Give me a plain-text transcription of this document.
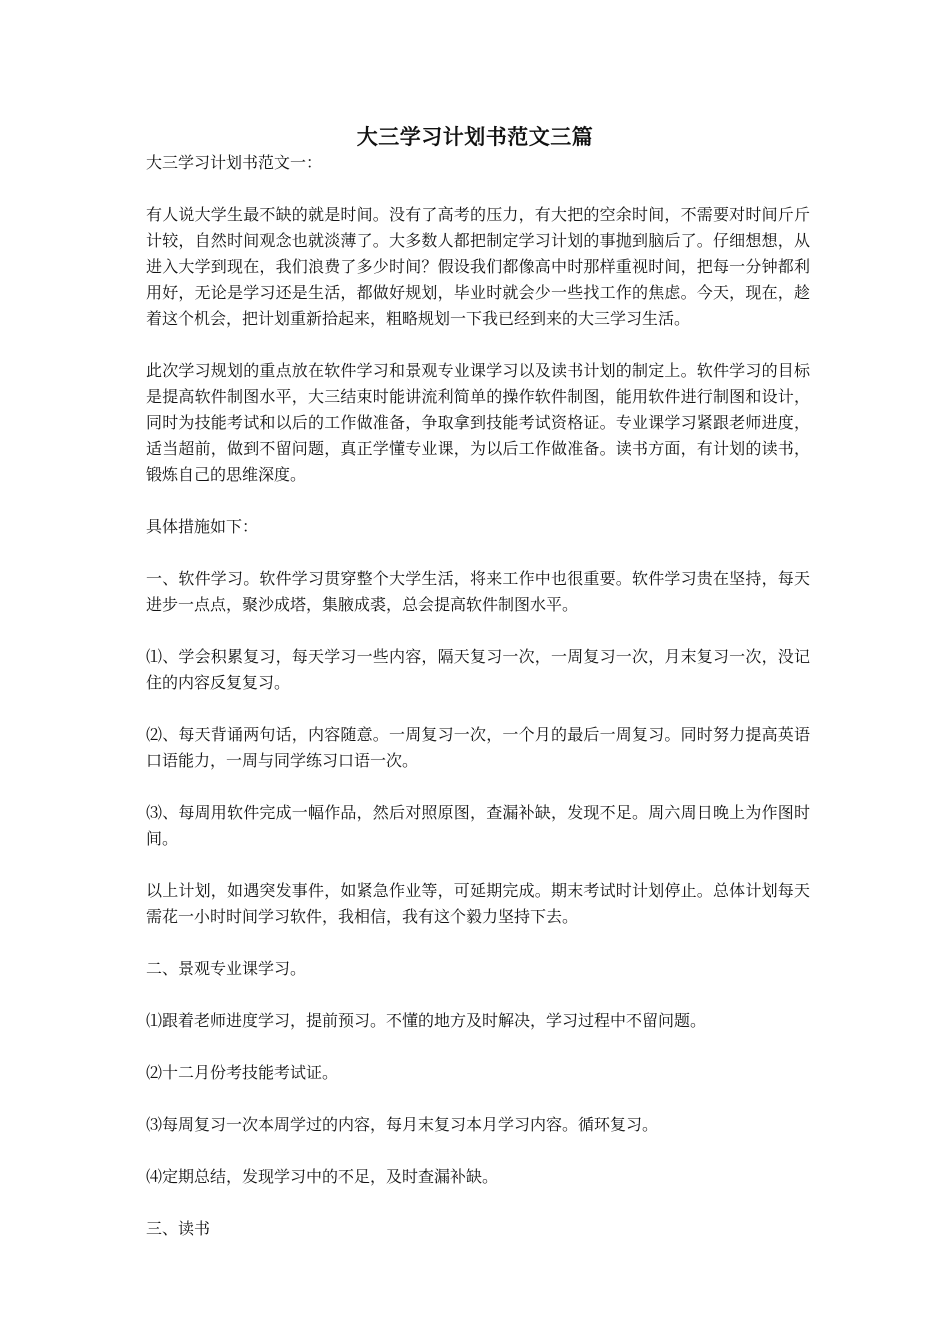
大三学习计划书范文三篇

大三学习计划书范文一：

有人说大学生最不缺的就是时间。没有了高考的压力，有大把的空余时间，不需要对时间斤斤计较，自然时间观念也就淡薄了。大多数人都把制定学习计划的事抛到脑后了。仔细想想，从进入大学到现在，我们浪费了多少时间？假设我们都像高中时那样重视时间，把每一分钟都利用好，无论是学习还是生活，都做好规划，毕业时就会少一些找工作的焦虑。今天，现在，趁着这个机会，把计划重新拾起来，粗略规划一下我已经到来的大三学习生活。

此次学习规划的重点放在软件学习和景观专业课学习以及读书计划的制定上。软件学习的目标是提高软件制图水平，大三结束时能讲流利简单的操作软件制图，能用软件进行制图和设计，同时为技能考试和以后的工作做准备，争取拿到技能考试资格证。专业课学习紧跟老师进度，适当超前，做到不留问题，真正学懂专业课，为以后工作做准备。读书方面，有计划的读书，锻炼自己的思维深度。

具体措施如下：

一、软件学习。软件学习贯穿整个大学生活，将来工作中也很重要。软件学习贵在坚持，每天进步一点点，聚沙成塔，集腋成裘，总会提高软件制图水平。

⑴、学会积累复习，每天学习一些内容，隔天复习一次，一周复习一次，月末复习一次，没记住的内容反复复习。

⑵、每天背诵两句话，内容随意。一周复习一次，一个月的最后一周复习。同时努力提高英语口语能力，一周与同学练习口语一次。

⑶、每周用软件完成一幅作品，然后对照原图，查漏补缺，发现不足。周六周日晚上为作图时间。

以上计划，如遇突发事件，如紧急作业等，可延期完成。期末考试时计划停止。总体计划每天需花一小时时间学习软件，我相信，我有这个毅力坚持下去。

二、景观专业课学习。

⑴跟着老师进度学习，提前预习。不懂的地方及时解决，学习过程中不留问题。

⑵十二月份考技能考试证。

⑶每周复习一次本周学过的内容，每月末复习本月学习内容。循环复习。

⑷定期总结，发现学习中的不足，及时查漏补缺。

三、读书
